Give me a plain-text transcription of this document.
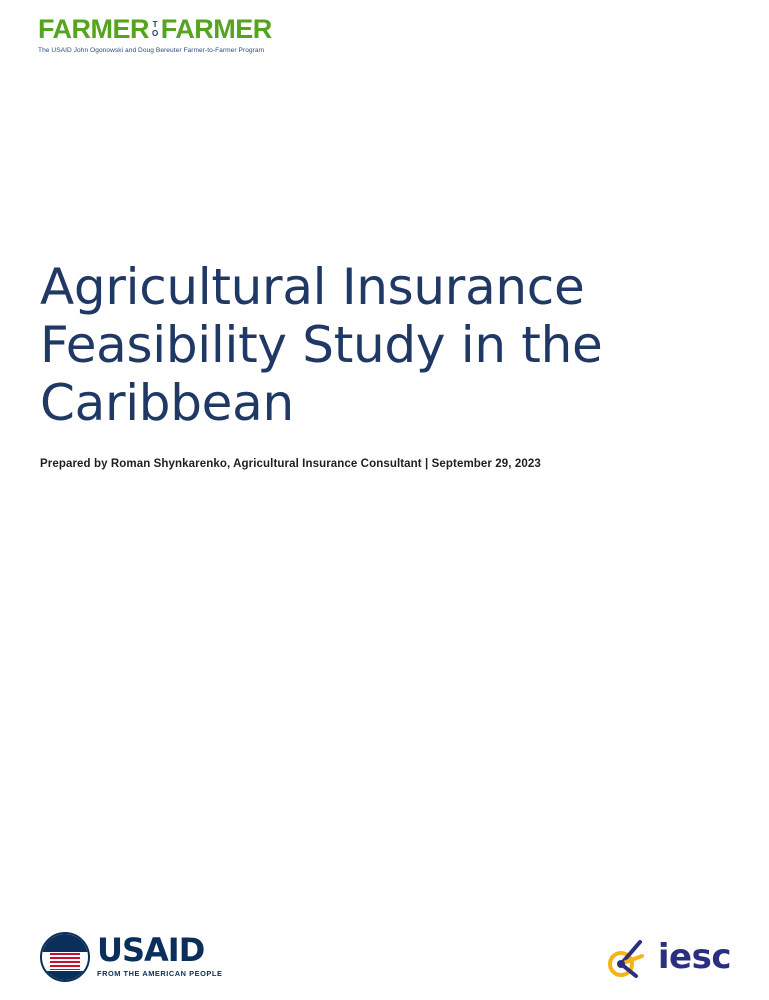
FARMER T
O FARMER
The USAID John Ogonowski and Doug Bereuter Farmer-to-Farmer Program
Agricultural Insurance Feasibility Study in the Caribbean
Prepared by Roman Shynkarenko, Agricultural Insurance Consultant | September 29, 2023
USAID
FROM THE AMERICAN PEOPLE	iesc
